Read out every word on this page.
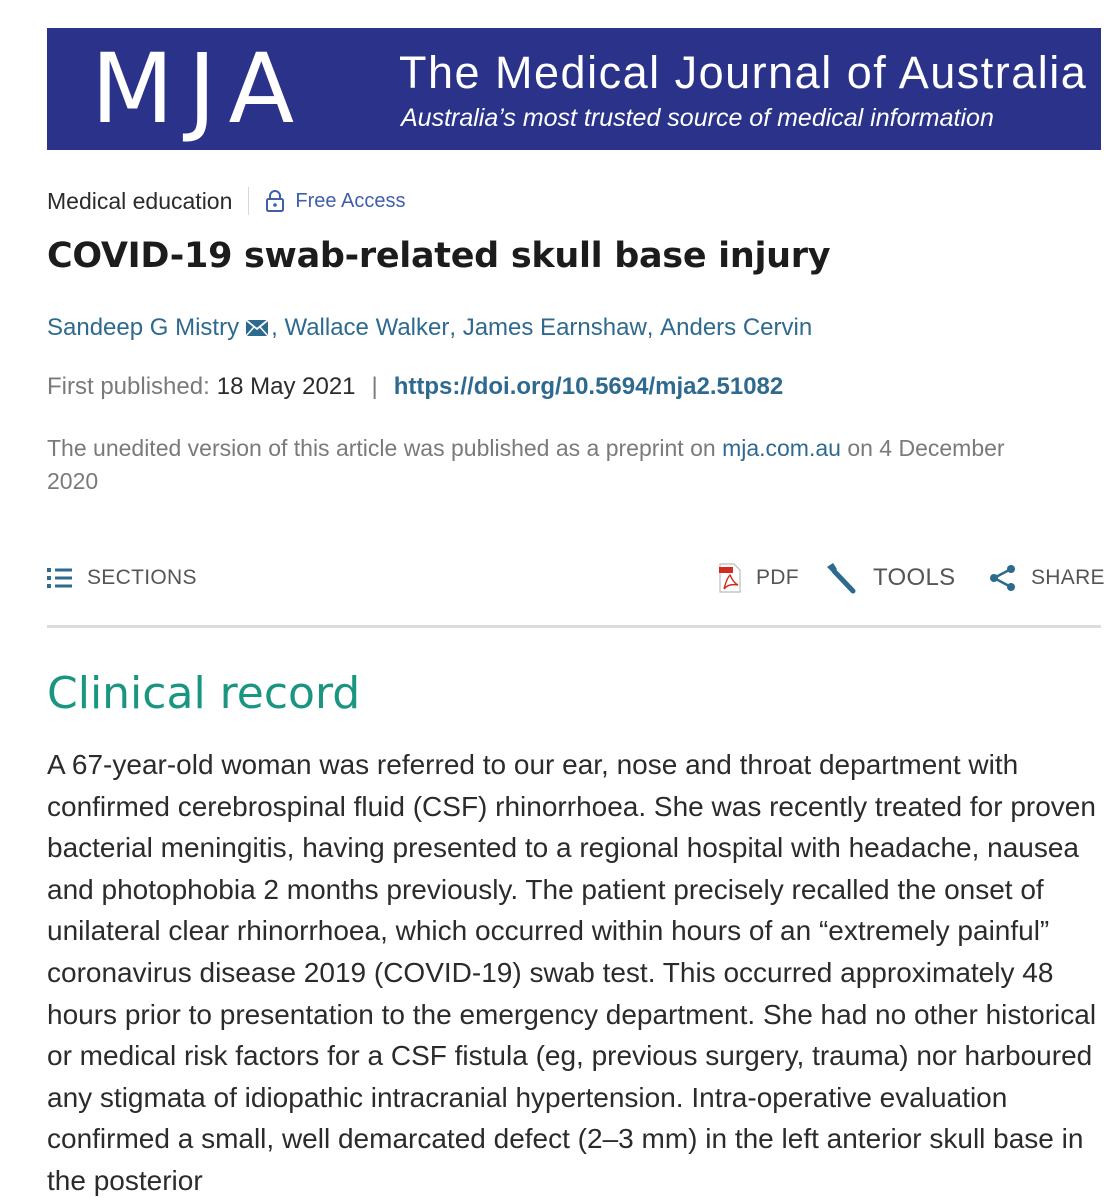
MJA The Medical Journal of Australia
Australia’s most trusted source of medical information
Medical education	Free Access
COVID-19 swab-related skull base injury
Sandeep G Mistry ,
Wallace Walker ,
James Earnshaw ,
Anders Cervin
First published: 18 May 2021 | https://doi.org/10.5694/mja2.51082

The unedited version of this article was published as a preprint on mja.com.au on 4 December 2020

SECTIONS	PDF	TOOLS	SHARE
Clinical record

A 67-year-old woman was referred to our ear, nose and throat department with confirmed cerebrospinal fluid (CSF) rhinorrhoea. She was recently treated for proven bacterial meningitis, having presented to a regional hospital with headache, nausea and photophobia 2 months previously. The patient precisely recalled the onset of unilateral clear rhinorrhoea, which occurred within hours of an “extremely painful” coronavirus disease 2019 (COVID-19) swab test. This occurred approximately 48 hours prior to presentation to the emergency department. She had no other historical or medical risk factors for a CSF fistula (eg, previous surgery, trauma) nor harboured any stigmata of idiopathic intracranial hypertension. Intra-operative evaluation confirmed a small, well demarcated defect (2–3 mm) in the left anterior skull base in the posterior
